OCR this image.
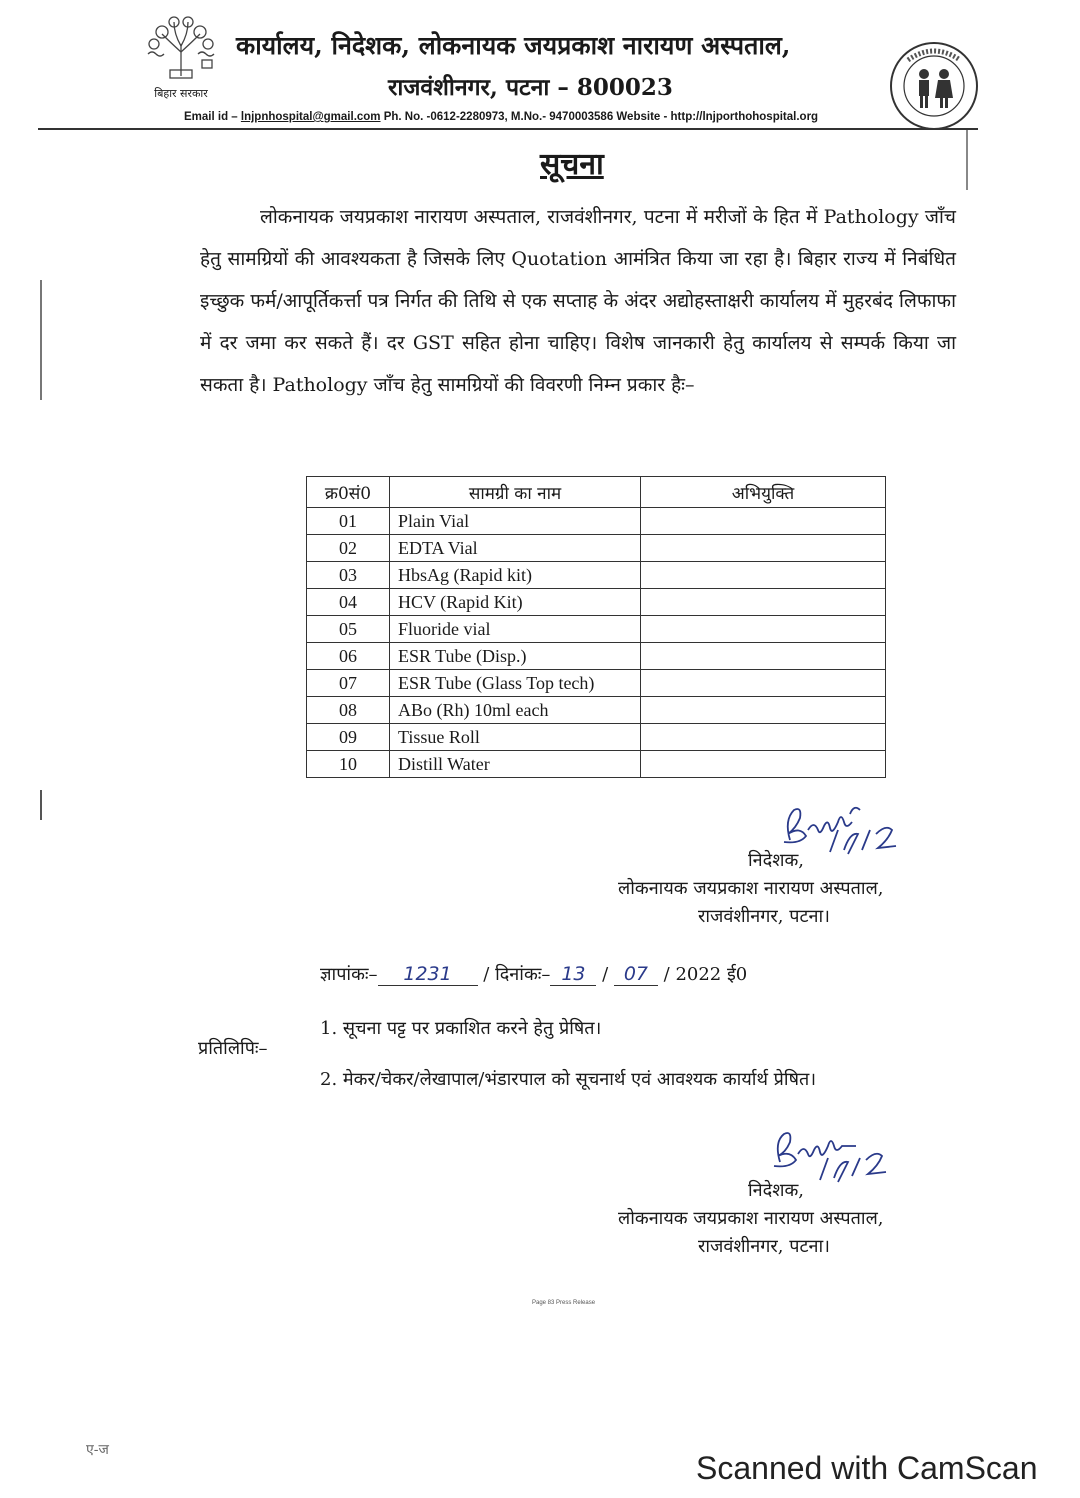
बिहार सरकार
कार्यालय, निदेशक, लोकनायक जयप्रकाश नारायण अस्पताल,
राजवंशीनगर, पटना – 800023
Email id – lnjpnhospital@gmail.com Ph. No. -0612-2280973, M.No.- 9470003586 Website - http://lnjporthohospital.org
सूचना
लोकनायक जयप्रकाश नारायण अस्पताल, राजवंशीनगर, पटना में मरीजों के हित में Pathology जाँच हेतु सामग्रियों की आवश्यकता है जिसके लिए Quotation आमंत्रित किया जा रहा है। बिहार राज्य में निबंधित इच्छुक फर्म/आपूर्तिकर्त्ता पत्र निर्गत की तिथि से एक सप्ताह के अंदर अद्योहस्ताक्षरी कार्यालय में मुहरबंद लिफाफा में दर जमा कर सकते हैं। दर GST सहित होना चाहिए। विशेष जानकारी हेतु कार्यालय से सम्पर्क किया जा सकता है। Pathology जाँच हेतु सामग्रियों की विवरणी निम्न प्रकार हैः–
क्र0सं0	सामग्री का नाम	अभियुक्ति
01	Plain Vial	
02	EDTA Vial	
03	HbsAg (Rapid kit)	
04	HCV (Rapid Kit)	
05	Fluoride vial	
06	ESR Tube (Disp.)	
07	ESR Tube (Glass Top tech)	
08	ABo (Rh) 10ml each	
09	Tissue Roll	
10	Distill Water	
निदेशक,
लोकनायक जयप्रकाश नारायण अस्पताल,
राजवंशीनगर, पटना।
ज्ञापांकः– 1231 / दिनांकः– 13 / 07 / 2022 ई0
प्रतिलिपिः–
1. सूचना पट्ट पर प्रकाशित करने हेतु प्रेषित।
2. मेकर/चेकर/लेखापाल/भंडारपाल को सूचनार्थ एवं आवश्यक कार्यार्थ प्रेषित।
निदेशक,
लोकनायक जयप्रकाश नारायण अस्पताल,
राजवंशीनगर, पटना।
Page 83 Press Release
ए-ज	Scanned with CamScan
